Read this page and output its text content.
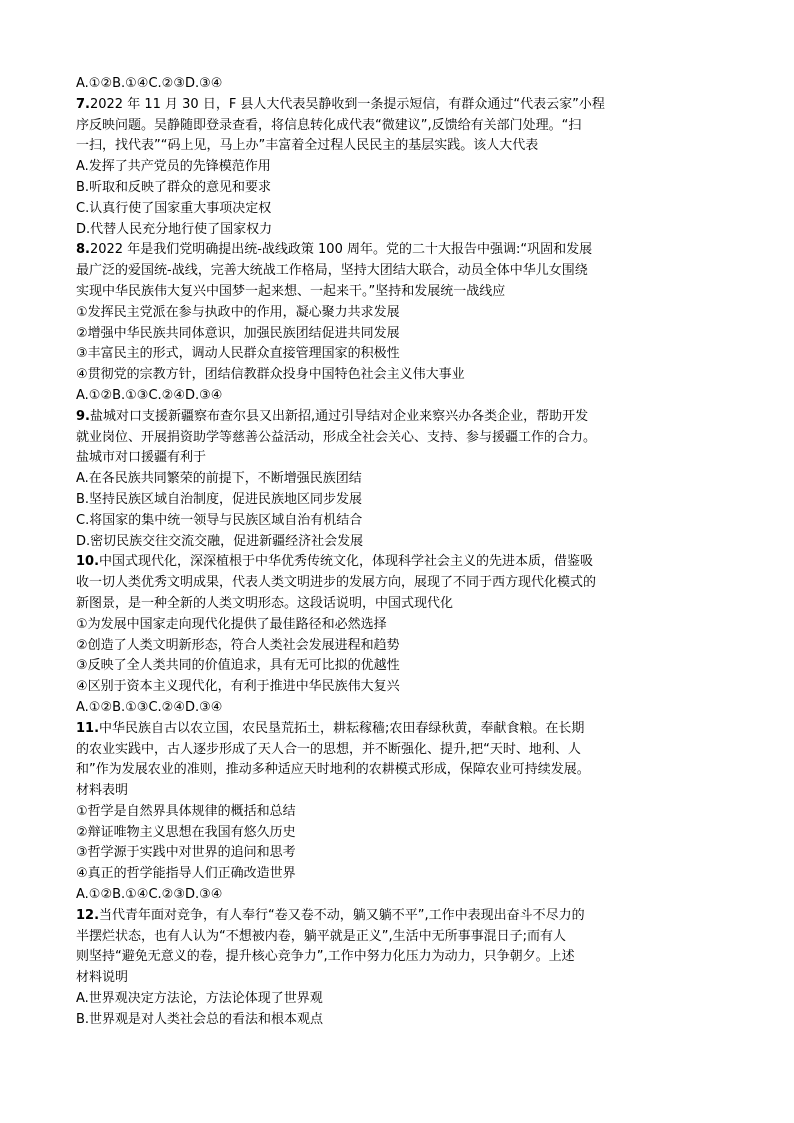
A.①②B.①④C.②③D.③④
7.2022 年 11 月 30 日，F 县人大代表吴静收到一条提示短信，有群众通过“代表云家”小程
序反映问题。吴静随即登录查看，将信息转化成代表“微建议”,反馈给有关部门处理。“扫
一扫，找代表”“码上见，马上办”丰富着全过程人民民主的基层实践。该人大代表
A.发挥了共产党员的先锋模范作用
B.听取和反映了群众的意见和要求
C.认真行使了国家重大事项决定权
D.代替人民充分地行使了国家权力
8.2022 年是我们党明确提出统-战线政策 100 周年。党的二十大报告中强调:“巩固和发展
最广泛的爱国统-战线，完善大统战工作格局，坚持大团结大联合，动员全体中华儿女围绕
实现中华民族伟大复兴中国梦一起来想、一起来干。”坚持和发展统一战线应
①发挥民主党派在参与执政中的作用，凝心聚力共求发展
②增强中华民族共同体意识，加强民族团结促进共同发展
③丰富民主的形式，调动人民群众直接管理国家的积极性
④贯彻党的宗教方针，团结信教群众投身中国特色社会主义伟大事业
A.①②B.①③C.②④D.③④
9.盐城对口支援新疆察布查尔县又出新招,通过引导结对企业来察兴办各类企业，帮助开发
就业岗位、开展捐资助学等慈善公益活动，形成全社会关心、支持、参与援疆工作的合力。
盐城市对口援疆有利于
A.在各民族共同繁荣的前提下，不断增强民族团结
B.坚持民族区域自治制度，促进民族地区同步发展
C.将国家的集中统一领导与民族区域自治有机结合
D.密切民族交往交流交融，促进新疆经济社会发展
10.中国式现代化，深深植根于中华优秀传统文化，体现科学社会主义的先进本质，借鉴吸
收一切人类优秀文明成果，代表人类文明进步的发展方向，展现了不同于西方现代化模式的
新图景，是一种全新的人类文明形态。这段话说明，中国式现代化
①为发展中国家走向现代化提供了最佳路径和必然选择
②创造了人类文明新形态，符合人类社会发展进程和趋势
③反映了全人类共同的价值追求，具有无可比拟的优越性
④区别于资本主义现代化，有利于推进中华民族伟大复兴
A.①②B.①③C.②④D.③④
11.中华民族自古以农立国，农民垦荒拓土，耕耘稼穑;农田春绿秋黄，奉献食粮。在长期
的农业实践中，古人逐步形成了天人合一的思想，并不断强化、提升,把“天时、地利、人
和”作为发展农业的准则，推动多种适应天时地利的农耕模式形成，保障农业可持续发展。
材料表明
①哲学是自然界具体规律的概括和总结
②辩证唯物主义思想在我国有悠久历史
③哲学源于实践中对世界的追问和思考
④真正的哲学能指导人们正确改造世界
A.①②B.①④C.②③D.③④
12.当代青年面对竞争，有人奉行“卷又卷不动，躺又躺不平”,工作中表现出奋斗不尽力的
半摆烂状态，也有人认为“不想被内卷，躺平就是正义”,生活中无所事事混日子;而有人
则坚持“避免无意义的卷，提升核心竞争力”,工作中努力化压力为动力，只争朝夕。上述
材料说明
A.世界观决定方法论，方法论体现了世界观
B.世界观是对人类社会总的看法和根本观点
